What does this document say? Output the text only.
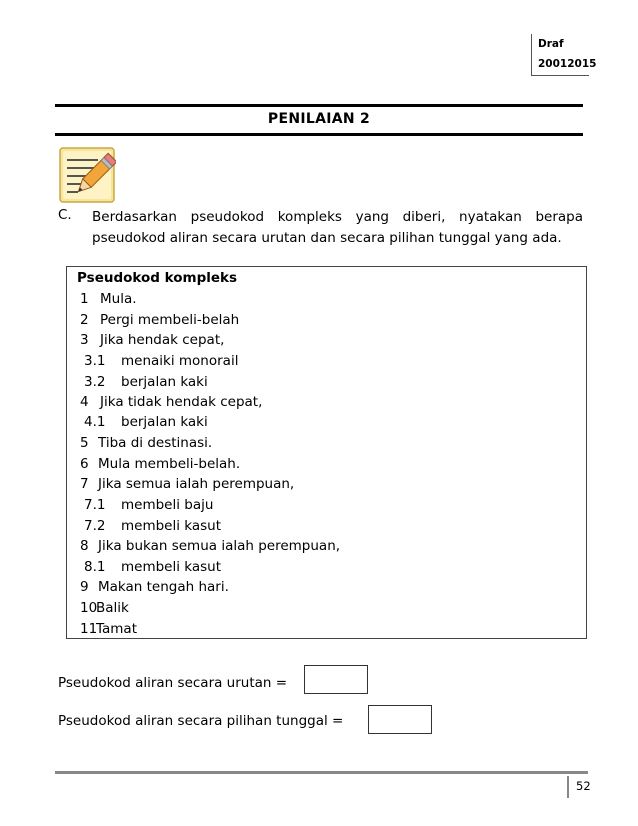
Draf
20012015
PENILAIAN 2
C. Berdasarkan pseudokod kompleks yang diberi, nyatakan berapa pseudokod aliran secara urutan dan secara pilihan tunggal yang ada.
Pseudokod kompleks
1 Mula.
2 Pergi membeli-belah
3 Jika hendak cepat,
3.1 menaiki monorail
3.2 berjalan kaki
4 Jika tidak hendak cepat,
4.1 berjalan kaki
5 Tiba di destinasi.
6 Mula membeli-belah.
7 Jika semua ialah perempuan,
7.1 membeli baju
7.2 membeli kasut
8 Jika bukan semua ialah perempuan,
8.1 membeli kasut
9 Makan tengah hari.
10
Balik
11
Tamat
Pseudokod aliran secara urutan =
Pseudokod aliran secara pilihan tunggal =
52
